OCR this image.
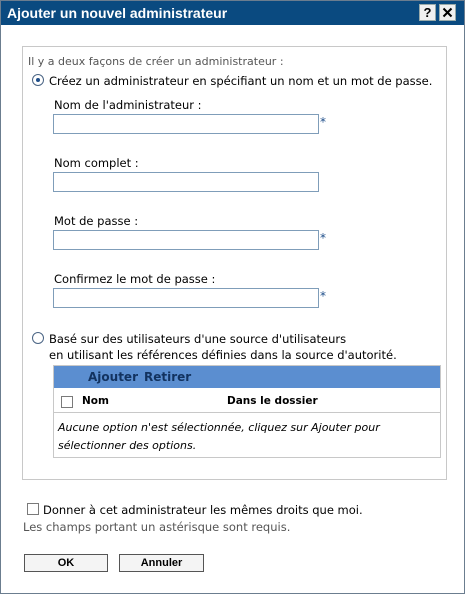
Ajouter un nouvel administrateur	?
Il y a deux façons de créer un administrateur :
Créez un administrateur en spécifiant un nom et un mot de passe.
Nom de l'administrateur :
*
Nom complet :
Mot de passe :
*
Confirmez le mot de passe :
*
Basé sur des utilisateurs d'une source d'utilisateurs
en utilisant les références définies dans la source d'autorité.
Ajouter Retirer
Nom	Dans le dossier
Aucune option n'est sélectionnée, cliquez sur Ajouter pour sélectionner des options.
Donner à cet administrateur les mêmes droits que moi.
Les champs portant un astérisque sont requis.
OK	Annuler
